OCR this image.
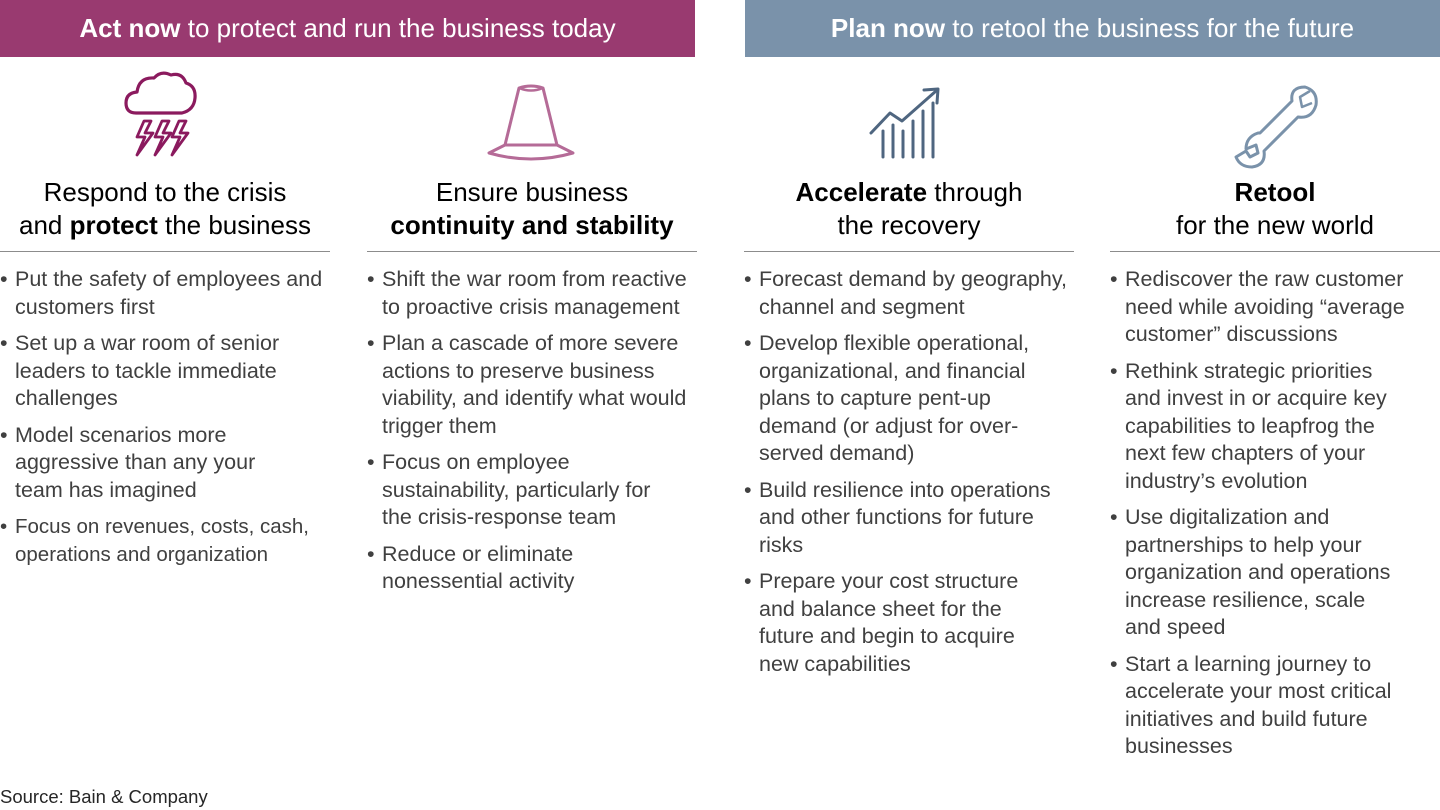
Act now to protect and run the business today	Plan now to retool the business for the future
Respond to the crisis
and protect the business
• Put the safety of employees and
customers first
• Set up a war room of senior
leaders to tackle immediate
challenges
• Model scenarios more
aggressive than any your
team has imagined
• Focus on revenues, costs, cash,
operations and organization
Ensure business
continuity and stability
• Shift the war room from reactive
to proactive crisis management
• Plan a cascade of more severe
actions to preserve business
viability, and identify what would
trigger them
• Focus on employee
sustainability, particularly for
the crisis-response team
• Reduce or eliminate
nonessential activity
Accelerate through
the recovery
• Forecast demand by geography,
channel and segment
• Develop flexible operational,
organizational, and financial
plans to capture pent-up
demand (or adjust for over-
served demand)
• Build resilience into operations
and other functions for future
risks
• Prepare your cost structure
and balance sheet for the
future and begin to acquire
new capabilities
Retool
for the new world
• Rediscover the raw customer
need while avoiding “average
customer” discussions
• Rethink strategic priorities
and invest in or acquire key
capabilities to leapfrog the
next few chapters of your
industry’s evolution
• Use digitalization and
partnerships to help your
organization and operations
increase resilience, scale
and speed
• Start a learning journey to
accelerate your most critical
initiatives and build future
businesses
Source: Bain & Company
